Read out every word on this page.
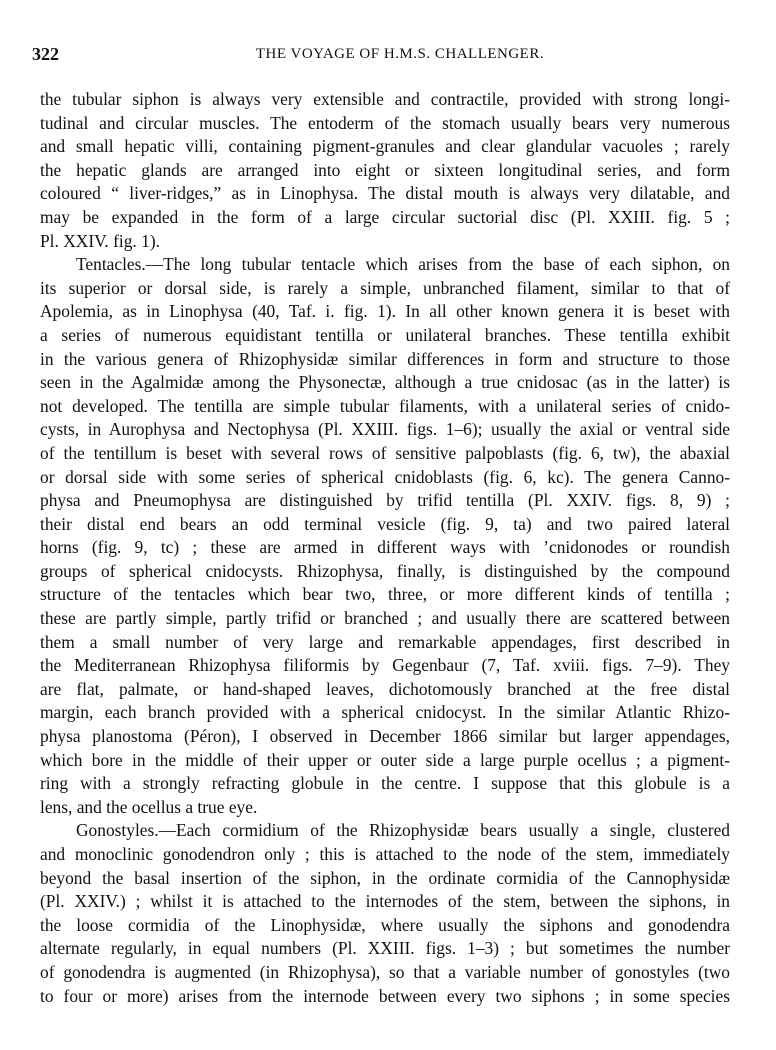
322	THE VOYAGE OF H.M.S. CHALLENGER.
the tubular siphon is always very extensible and contractile, provided with strong longi-
tudinal and circular muscles. The entoderm of the stomach usually bears very numerous
and small hepatic villi, containing pigment-granules and clear glandular vacuoles ; rarely
the hepatic glands are arranged into eight or sixteen longitudinal series, and form
coloured “ liver-ridges,” as in Linophysa. The distal mouth is always very dilatable, and
may be expanded in the form of a large circular suctorial disc (Pl. XXIII. fig. 5 ;
Pl. XXIV. fig. 1).
Tentacles.—The long tubular tentacle which arises from the base of each siphon, on
its superior or dorsal side, is rarely a simple, unbranched filament, similar to that of
Apolemia, as in Linophysa (40, Taf. i. fig. 1). In all other known genera it is beset with
a series of numerous equidistant tentilla or unilateral branches. These tentilla exhibit
in the various genera of Rhizophysidæ similar differences in form and structure to those
seen in the Agalmidæ among the Physonectæ, although a true cnidosac (as in the latter) is
not developed. The tentilla are simple tubular filaments, with a unilateral series of cnido-
cysts, in Aurophysa and Nectophysa (Pl. XXIII. figs. 1–6); usually the axial or ventral side
of the tentillum is beset with several rows of sensitive palpoblasts (fig. 6, tw), the abaxial
or dorsal side with some series of spherical cnidoblasts (fig. 6, kc). The genera Canno-
physa and Pneumophysa are distinguished by trifid tentilla (Pl. XXIV. figs. 8, 9) ;
their distal end bears an odd terminal vesicle (fig. 9, ta) and two paired lateral
horns (fig. 9, tc) ; these are armed in different ways with ʼcnidonodes or roundish
groups of spherical cnidocysts. Rhizophysa, finally, is distinguished by the compound
structure of the tentacles which bear two, three, or more different kinds of tentilla ;
these are partly simple, partly trifid or branched ; and usually there are scattered between
them a small number of very large and remarkable appendages, first described in
the Mediterranean Rhizophysa filiformis by Gegenbaur (7, Taf. xviii. figs. 7–9). They
are flat, palmate, or hand-shaped leaves, dichotomously branched at the free distal
margin, each branch provided with a spherical cnidocyst. In the similar Atlantic Rhizo-
physa planostoma (Péron), I observed in December 1866 similar but larger appendages,
which bore in the middle of their upper or outer side a large purple ocellus ; a pigment-
ring with a strongly refracting globule in the centre. I suppose that this globule is a
lens, and the ocellus a true eye.
Gonostyles.—Each cormidium of the Rhizophysidæ bears usually a single, clustered
and monoclinic gonodendron only ; this is attached to the node of the stem, immediately
beyond the basal insertion of the siphon, in the ordinate cormidia of the Cannophysidæ
(Pl. XXIV.) ; whilst it is attached to the internodes of the stem, between the siphons, in
the loose cormidia of the Linophysidæ, where usually the siphons and gonodendra
alternate regularly, in equal numbers (Pl. XXIII. figs. 1–3) ; but sometimes the number
of gonodendra is augmented (in Rhizophysa), so that a variable number of gonostyles (two
to four or more) arises from the internode between every two siphons ; in some species
